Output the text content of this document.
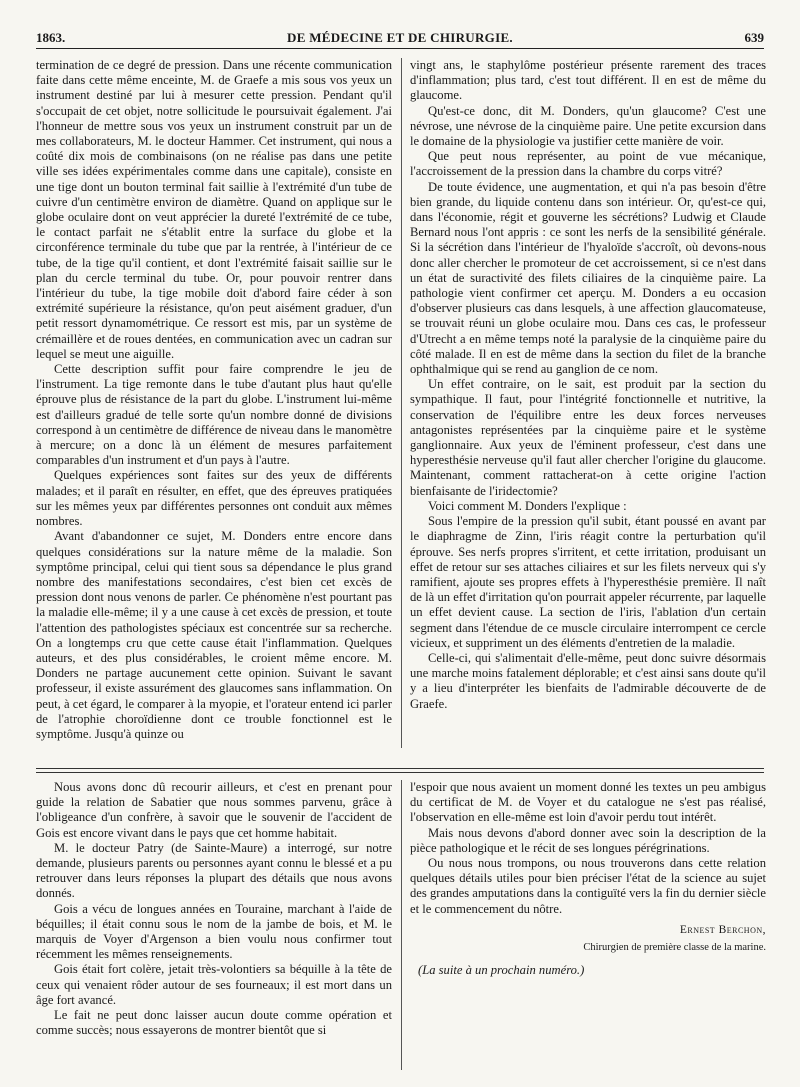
1863.	DE MÉDECINE ET DE CHIRURGIE.	639

termination de ce degré de pression. Dans une récente communication faite dans cette même enceinte, M. de Graefe a mis sous vos yeux un instrument destiné par lui à mesurer cette pression. Pendant qu'il s'occupait de cet objet, notre sollicitude le poursuivait également. J'ai l'honneur de mettre sous vos yeux un instrument construit par un de mes collaborateurs, M. le docteur Hammer. Cet instrument, qui nous a coûté dix mois de combinaisons (on ne réalise pas dans une petite ville ses idées expérimentales comme dans une capitale), consiste en une tige dont un bouton terminal fait saillie à l'extrémité d'un tube de cuivre d'un centimètre environ de diamètre. Quand on applique sur le globe oculaire dont on veut apprécier la dureté l'extrémité de ce tube, le contact parfait ne s'établit entre la surface du globe et la circonférence terminale du tube que par la rentrée, à l'intérieur de ce tube, de la tige qu'il contient, et dont l'extrémité faisait saillie sur le plan du cercle terminal du tube. Or, pour pouvoir rentrer dans l'intérieur du tube, la tige mobile doit d'abord faire céder à son extrémité supérieure la résistance, qu'on peut aisément graduer, d'un petit ressort dynamométrique. Ce ressort est mis, par un système de crémaillère et de roues dentées, en communication avec un cadran sur lequel se meut une aiguille.

Cette description suffit pour faire comprendre le jeu de l'instrument. La tige remonte dans le tube d'autant plus haut qu'elle éprouve plus de résistance de la part du globe. L'instrument lui-même est d'ailleurs gradué de telle sorte qu'un nombre donné de divisions correspond à un centimètre de différence de niveau dans le manomètre à mercure; on a donc là un élément de mesures parfaitement comparables d'un instrument et d'un pays à l'autre.

Quelques expériences sont faites sur des yeux de différents malades; et il paraît en résulter, en effet, que des épreuves pratiquées sur les mêmes yeux par différentes personnes ont conduit aux mêmes nombres.

Avant d'abandonner ce sujet, M. Donders entre encore dans quelques considérations sur la nature même de la maladie. Son symptôme principal, celui qui tient sous sa dépendance le plus grand nombre des manifestations secondaires, c'est bien cet excès de pression dont nous venons de parler. Ce phénomène n'est pourtant pas la maladie elle-même; il y a une cause à cet excès de pression, et toute l'attention des pathologistes spéciaux est concentrée sur sa recherche. On a longtemps cru que cette cause était l'inflammation. Quelques auteurs, et des plus considérables, le croient même encore. M. Donders ne partage aucunement cette opinion. Suivant le savant professeur, il existe assurément des glaucomes sans inflammation. On peut, à cet égard, le comparer à la myopie, et l'orateur entend ici parler de l'atrophie choroïdienne dont ce trouble fonctionnel est le symptôme. Jusqu'à quinze ou

vingt ans, le staphylôme postérieur présente rarement des traces d'inflammation; plus tard, c'est tout différent. Il en est de même du glaucome.

Qu'est-ce donc, dit M. Donders, qu'un glaucome? C'est une névrose, une névrose de la cinquième paire. Une petite excursion dans le domaine de la physiologie va justifier cette manière de voir.

Que peut nous représenter, au point de vue mécanique, l'accroissement de la pression dans la chambre du corps vitré?

De toute évidence, une augmentation, et qui n'a pas besoin d'être bien grande, du liquide contenu dans son intérieur. Or, qu'est-ce qui, dans l'économie, régit et gouverne les sécrétions? Ludwig et Claude Bernard nous l'ont appris : ce sont les nerfs de la sensibilité générale. Si la sécrétion dans l'intérieur de l'hyaloïde s'accroît, où devons-nous donc aller chercher le promoteur de cet accroissement, si ce n'est dans un état de suractivité des filets ciliaires de la cinquième paire. La pathologie vient confirmer cet aperçu. M. Donders a eu occasion d'observer plusieurs cas dans lesquels, à une affection glaucomateuse, se trouvait réuni un globe oculaire mou. Dans ces cas, le professeur d'Utrecht a en même temps noté la paralysie de la cinquième paire du côté malade. Il en est de même dans la section du filet de la branche ophthalmique qui se rend au ganglion de ce nom.

Un effet contraire, on le sait, est produit par la section du sympathique. Il faut, pour l'intégrité fonctionnelle et nutritive, la conservation de l'équilibre entre les deux forces nerveuses antagonistes représentées par la cinquième paire et le système ganglionnaire. Aux yeux de l'éminent professeur, c'est dans une hyperesthésie nerveuse qu'il faut aller chercher l'origine du glaucome. Maintenant, comment rattacherat-on à cette origine l'action bienfaisante de l'iridectomie?

Voici comment M. Donders l'explique :

Sous l'empire de la pression qu'il subit, étant poussé en avant par le diaphragme de Zinn, l'iris réagit contre la perturbation qu'il éprouve. Ses nerfs propres s'irritent, et cette irritation, produisant un effet de retour sur ses attaches ciliaires et sur les filets nerveux qui s'y ramifient, ajoute ses propres effets à l'hyperesthésie première. Il naît de là un effet d'irritation qu'on pourrait appeler récurrente, par laquelle un effet devient cause. La section de l'iris, l'ablation d'un certain segment dans l'étendue de ce muscle circulaire interrompent ce cercle vicieux, et suppriment un des éléments d'entretien de la maladie.

Celle-ci, qui s'alimentait d'elle-même, peut donc suivre désormais une marche moins fatalement déplorable; et c'est ainsi sans doute qu'il y a lieu d'interpréter les bienfaits de l'admirable découverte de de Graefe.

Nous avons donc dû recourir ailleurs, et c'est en prenant pour guide la relation de Sabatier que nous sommes parvenu, grâce à l'obligeance d'un confrère, à savoir que le souvenir de l'accident de Gois est encore vivant dans le pays que cet homme habitait.

M. le docteur Patry (de Sainte-Maure) a interrogé, sur notre demande, plusieurs parents ou personnes ayant connu le blessé et a pu retrouver dans leurs réponses la plupart des détails que nous avons donnés.

Gois a vécu de longues années en Touraine, marchant à l'aide de béquilles; il était connu sous le nom de la jambe de bois, et M. le marquis de Voyer d'Argenson a bien voulu nous confirmer tout récemment les mêmes renseignements.

Gois était fort colère, jetait très-volontiers sa béquille à la tête de ceux qui venaient rôder autour de ses fourneaux; il est mort dans un âge fort avancé.

Le fait ne peut donc laisser aucun doute comme opération et comme succès; nous essayerons de montrer bientôt que si

l'espoir que nous avaient un moment donné les textes un peu ambigus du certificat de M. de Voyer et du catalogue ne s'est pas réalisé, l'observation en elle-même est loin d'avoir perdu tout intérêt.

Mais nous devons d'abord donner avec soin la description de la pièce pathologique et le récit de ses longues pérégrinations.

Ou nous nous trompons, ou nous trouverons dans cette relation quelques détails utiles pour bien préciser l'état de la science au sujet des grandes amputations dans la contiguïté vers la fin du dernier siècle et le commencement du nôtre.

Ernest Berchon,
Chirurgien de première classe de la marine.
(La suite à un prochain numéro.)
